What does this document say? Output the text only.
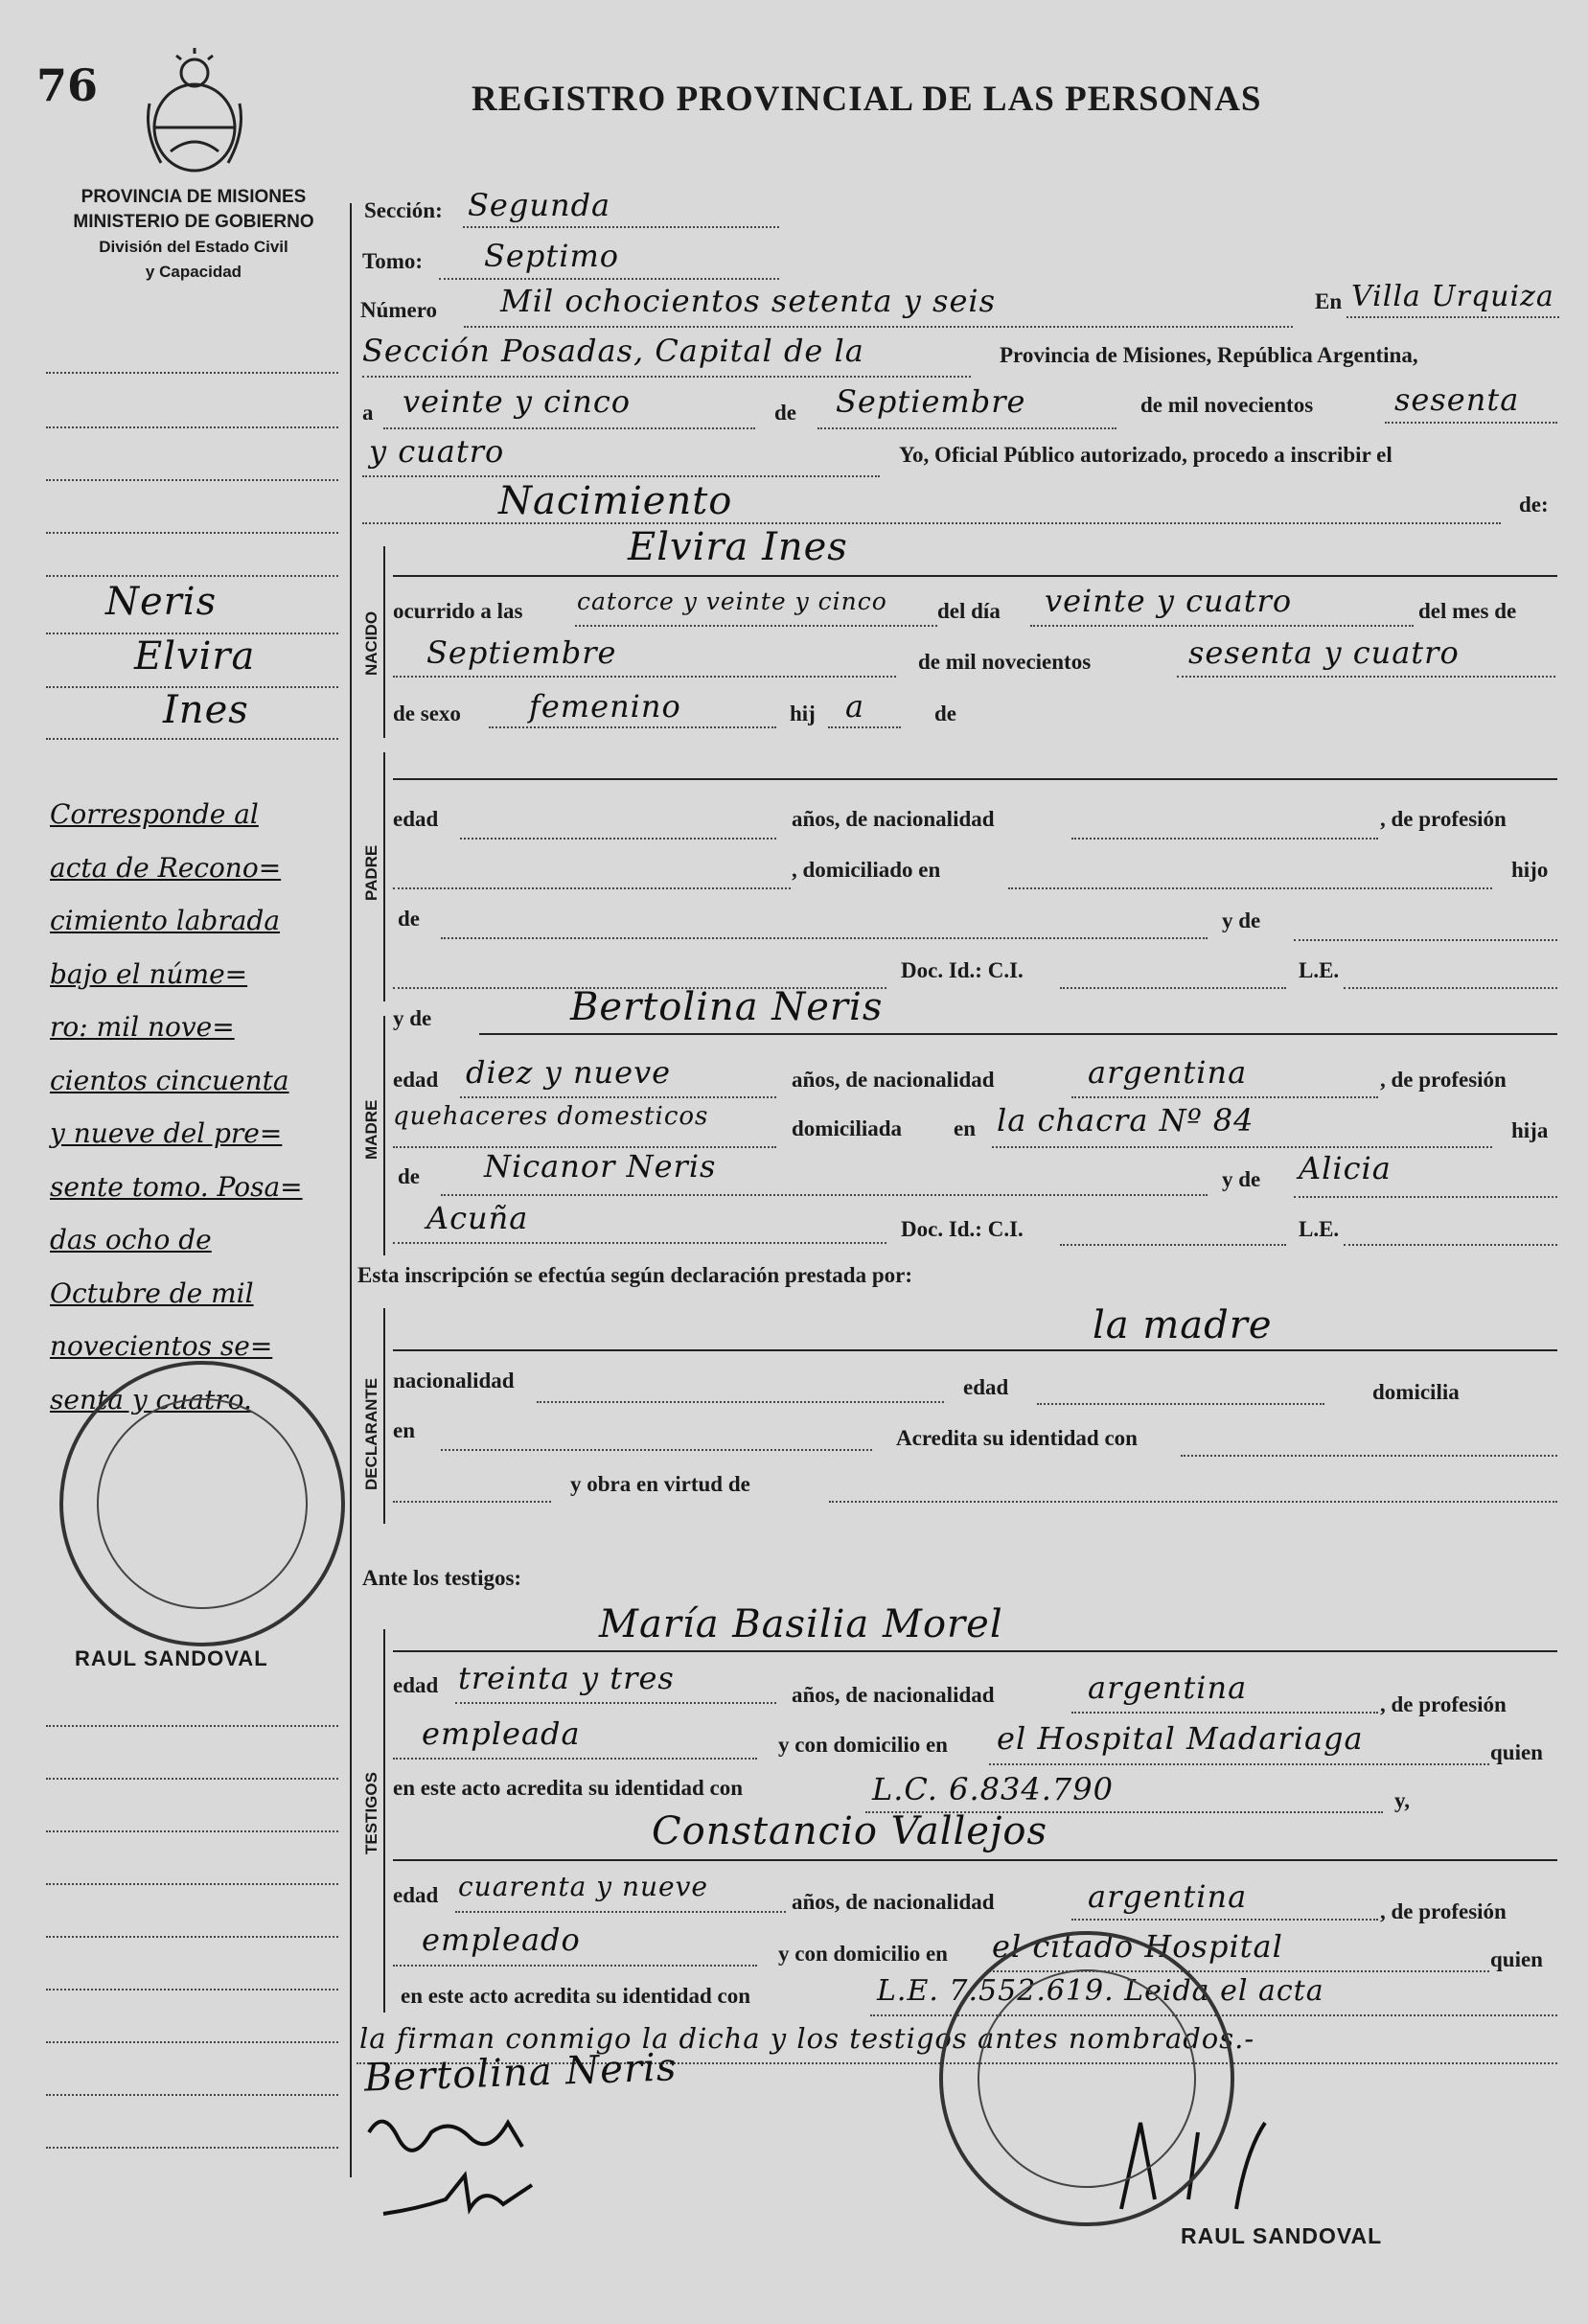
76	REGISTRO PROVINCIAL DE LAS PERSONAS
PROVINCIA DE MISIONES
MINISTERIO DE GOBIERNO
División del Estado Civil
y Capacidad
Neris
Elvira
Ines
Corresponde al
acta de Recono=
cimiento labrada
bajo el núme=
ro: mil nove=
cientos cincuenta
y nueve del pre=
sente tomo. Posa=
das ocho de
Octubre de mil
novecientos se=
senta y cuatro.
RAUL SANDOVAL
Sección: Segunda
Tomo: Septimo
Número Mil ochocientos setenta y seis	En Villa Urquiza
Sección Posadas, Capital de la	Provincia de Misiones, República Argentina,
a veinte y cinco	de Septiembre	de mil novecientos	sesenta
y cuatro	Yo, Oficial Público autorizado, procedo a inscribir el
Nacimiento	de:
NACIDO
Elvira Ines
ocurrido a las catorce y veinte y cinco del día veinte y cuatro	del mes de
Septiembre	de mil novecientos	sesenta y cuatro
de sexo femenino	hij a	de
PADRE
edad	años, de nacionalidad	, de profesión
, domiciliado en	hijo
de	y de
Doc. Id.: C.I.	L.E.
MADRE
y de	Bertolina Neris
edad diez y nueve	años, de nacionalidad	argentina	, de profesión
quehaceres domesticos	domiciliada en la chacra Nº 84	hija
de Nicanor Neris	y de Alicia
Acuña	Doc. Id.: C.I.	L.E.
Esta inscripción se efectúa según declaración prestada por:
DECLARANTE
la madre
nacionalidad	edad	domicilia
en	Acredita su identidad con
y obra en virtud de
Ante los testigos:
TESTIGOS
María Basilia Morel
edad treinta y tres	años, de nacionalidad	argentina	, de profesión
empleada	y con domicilio en el Hospital Madariaga	quien
en este acto acredita su identidad con	L.C. 6.834.790	y,
Constancio Vallejos
edad cuarenta y nueve	años, de nacionalidad	argentina	, de profesión
empleado	y con domicilio en el citado Hospital	quien
en este acto acredita su identidad con	L.E. 7.552.619. Leida el acta
la firman conmigo la dicha y los testigos antes nombrados.-
Bertolina Neris
RAUL SANDOVAL
